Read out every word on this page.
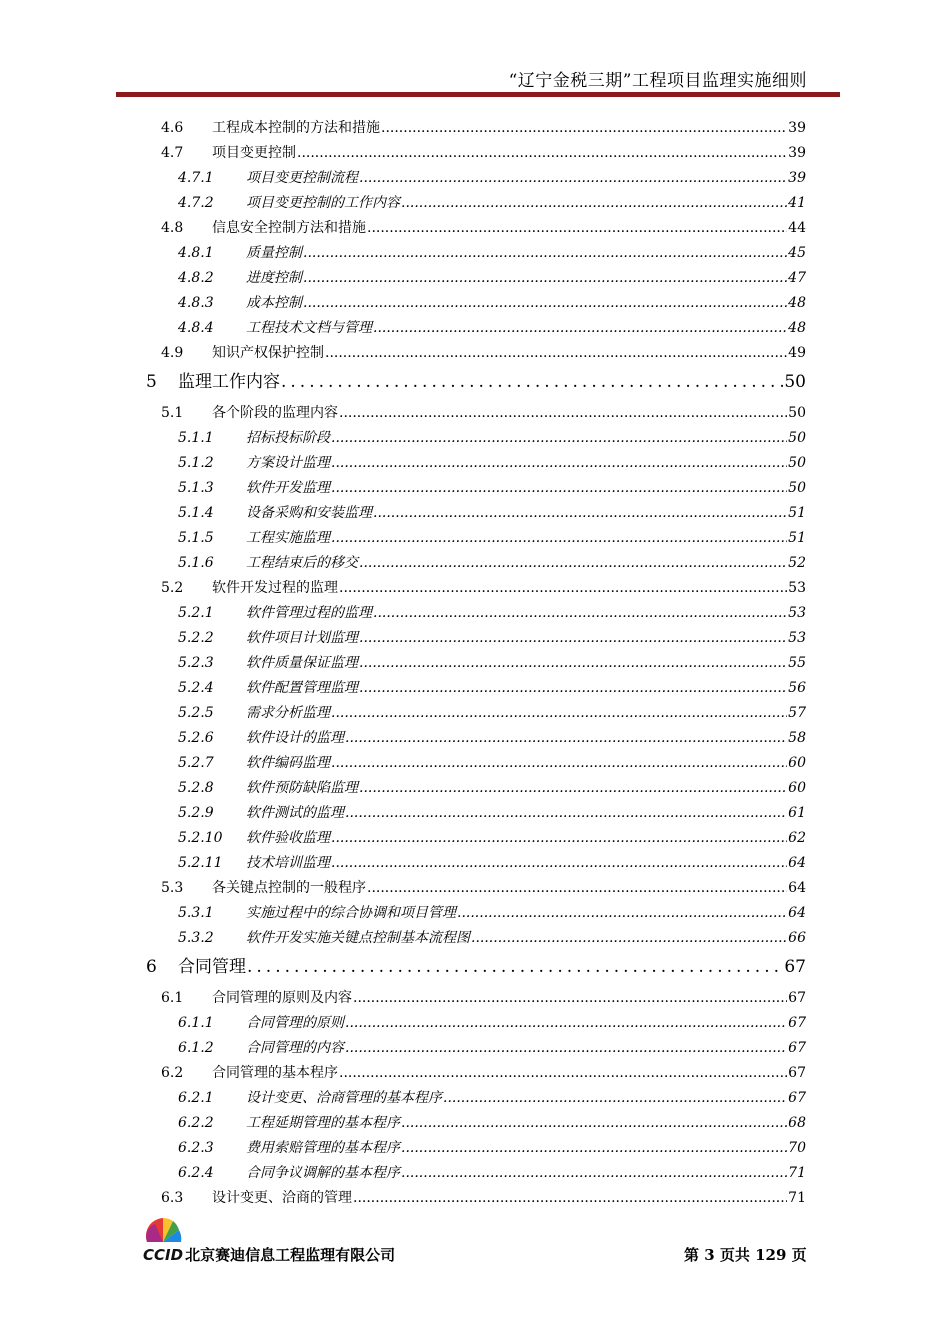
“辽宁金税三期”工程项目监理实施细则
4.6	工程成本控制的方法和措施 .....	39
4.7	项目变更控制 .....	39
4.7.1	项目变更控制流程 .....	39
4.7.2	项目变更控制的工作内容 .....	41
4.8	信息安全控制方法和措施 .....	44
4.8.1	质量控制 .....	45
4.8.2	进度控制 .....	47
4.8.3	成本控制 .....	48
4.8.4	工程技术文档与管理 .....	48
4.9	知识产权保护控制 .....	49
5	监理工作内容 .....	50
5.1	各个阶段的监理内容 .....	50
5.1.1	招标投标阶段 .....	50
5.1.2	方案设计监理 .....	50
5.1.3	软件开发监理 .....	50
5.1.4	设备采购和安装监理 .....	51
5.1.5	工程实施监理 .....	51
5.1.6	工程结束后的移交 .....	52
5.2	软件开发过程的监理 .....	53
5.2.1	软件管理过程的监理 .....	53
5.2.2	软件项目计划监理 .....	53
5.2.3	软件质量保证监理 .....	55
5.2.4	软件配置管理监理 .....	56
5.2.5	需求分析监理 .....	57
5.2.6	软件设计的监理 .....	58
5.2.7	软件编码监理 .....	60
5.2.8	软件预防缺陷监理 .....	60
5.2.9	软件测试的监理 .....	61
5.2.10	软件验收监理 .....	62
5.2.11	技术培训监理 .....	64
5.3	各关键点控制的一般程序 .....	64
5.3.1	实施过程中的综合协调和项目管理 .....	64
5.3.2	软件开发实施关键点控制基本流程图 .....	66
6	合同管理 .....	67
6.1	合同管理的原则及内容 .....	67
6.1.1	合同管理的原则 .....	67
6.1.2	合同管理的内容 .....	67
6.2	合同管理的基本程序 .....	67
6.2.1	设计变更、洽商管理的基本程序 .....	67
6.2.2	工程延期管理的基本程序 .....	68
6.2.3	费用索赔管理的基本程序 .....	70
6.2.4	合同争议调解的基本程序 .....	71
6.3	设计变更、洽商的管理 .....	71
CCID 北京赛迪信息工程监理有限公司	第 3 页共 129 页
